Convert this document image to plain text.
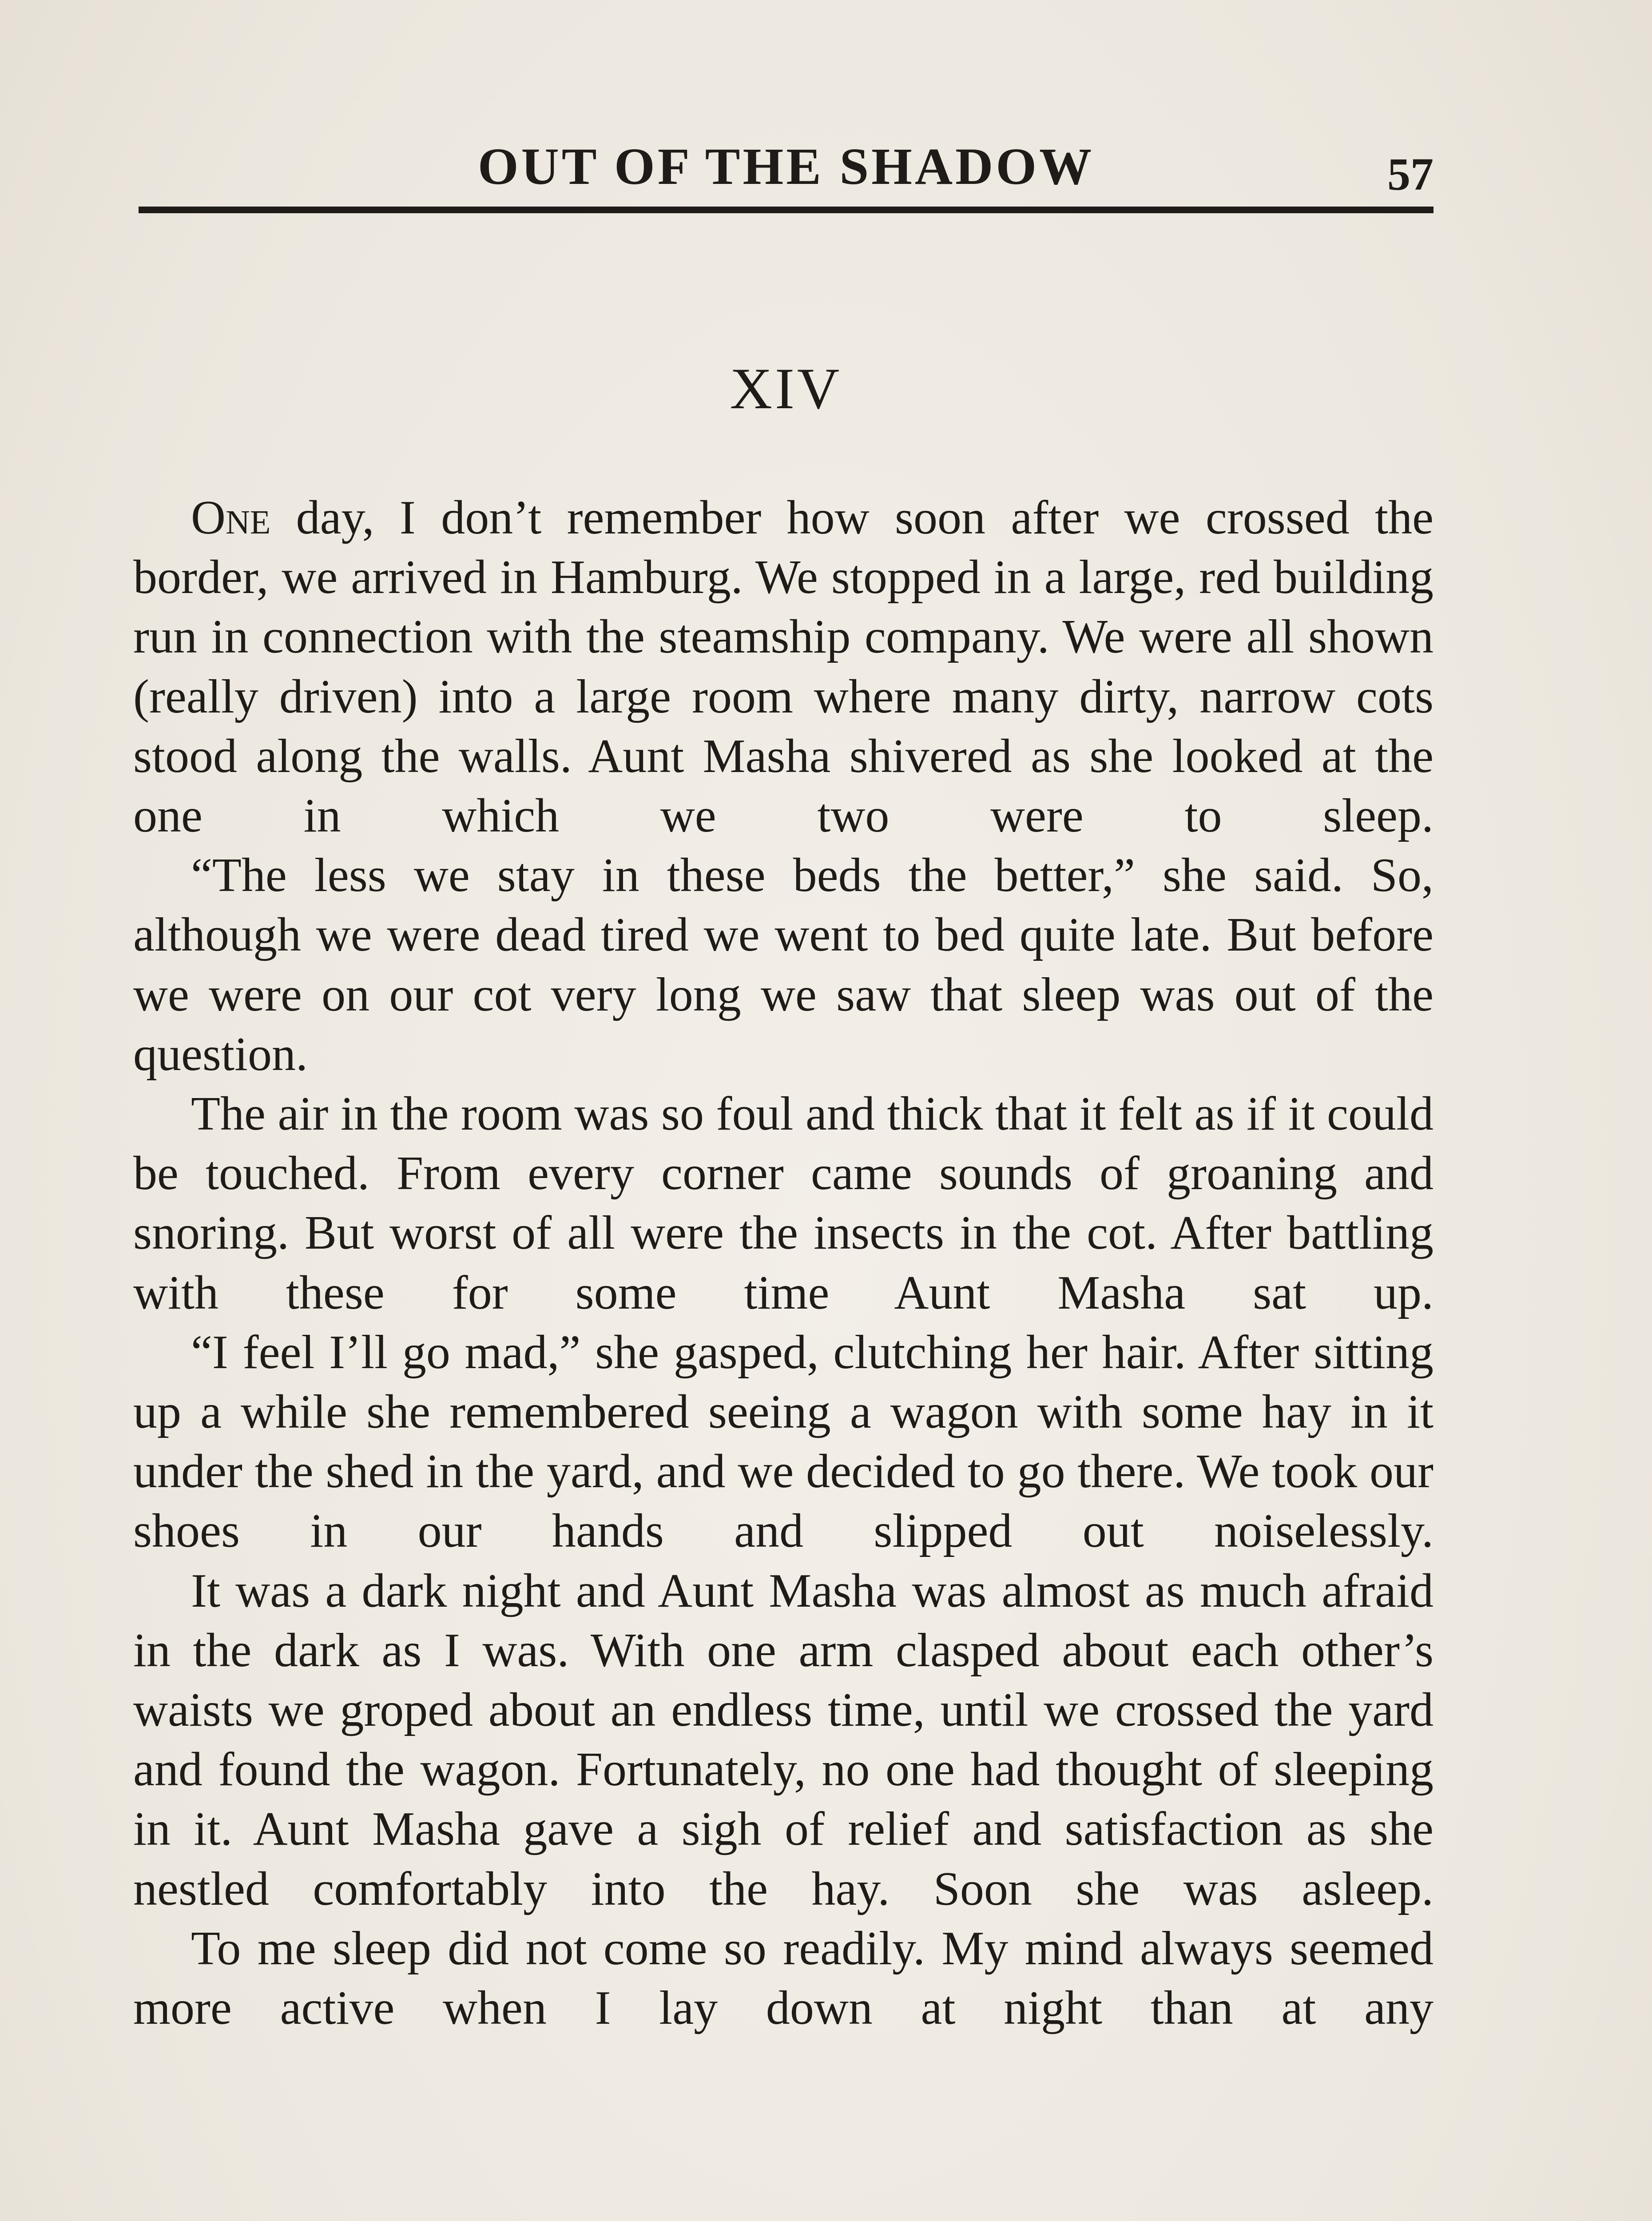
OUT OF THE SHADOW	57
XIV

One day, I don’t remember how soon after we crossed the border, we arrived in Hamburg. We stopped in a large, red building run in connection with the steamship company. We were all shown (really driven) into a large room where many dirty, narrow cots stood along the walls. Aunt Masha shivered as she looked at the one in which we two were to sleep.

“The less we stay in these beds the better,” she said. So, although we were dead tired we went to bed quite late. But before we were on our cot very long we saw that sleep was out of the question.

The air in the room was so foul and thick that it felt as if it could be touched. From every corner came sounds of groaning and snoring. But worst of all were the insects in the cot. After battling with these for some time Aunt Masha sat up.

“I feel I’ll go mad,” she gasped, clutching her hair. After sitting up a while she remembered seeing a wagon with some hay in it under the shed in the yard, and we decided to go there. We took our shoes in our hands and slipped out noiselessly.

It was a dark night and Aunt Masha was almost as much afraid in the dark as I was. With one arm clasped about each other’s waists we groped about an endless time, until we crossed the yard and found the wagon. Fortunately, no one had thought of sleeping in it. Aunt Masha gave a sigh of relief and satisfaction as she nestled comfortably into the hay. Soon she was asleep.

To me sleep did not come so readily. My mind always seemed more active when I lay down at night than at any
